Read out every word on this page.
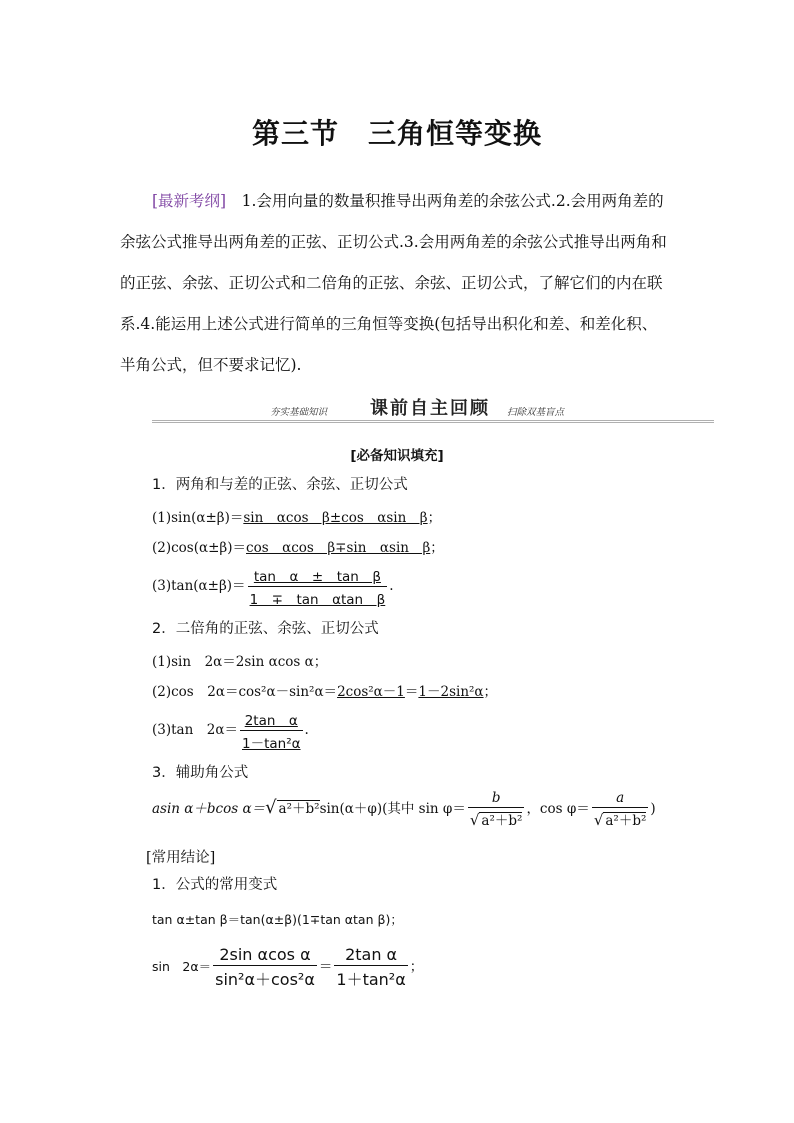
第三节　三角恒等变换
[最新考纲]　 1.会用向量的数量积推导出两角差的余弦公式.2.会用两角差的
余弦公式推导出两角差的正弦、正切公式.3.会用两角差的余弦公式推导出两角和
的正弦、余弦、正切公式和二倍角的正弦、余弦、正切公式，了解它们的内在联
系.4.能运用上述公式进行简单的三角恒等变换(包括导出积化和差、和差化积、
半角公式，但不要求记忆).
夯实基础知识 课前自主回顾 扫除双基盲点
[必备知识填充]
1．两角和与差的正弦、余弦、正切公式
(1)sin(α±β)＝sin　αcos　β±cos　αsin　β；
(2)cos(α±β)＝cos　αcos　β∓sin　αsin　β；
$(3)\tan(\alpha\pm\beta)= \frac{\text{tan　α　±　tan　β}}{\text{1　∓　tan　αtan　β}}$ .
2．二倍角的正弦、余弦、正切公式
(1)sin　2α＝2sin αcos α；
(2)cos　2α＝cos²α－sin²α＝2cos²α－1＝1－2sin²α；
(3)tan　$2\alpha= \frac{\text{2tan　α}}{\text{1－tan²α}}$ .
3．辅助角公式
asin α＋bcos α＝√ a²＋b²sin(α＋φ)(其中 $\sin \varphi= \frac{b}{\text{√ a²＋b²}}$ ，$\cos \varphi= \frac{a}{\text{√ a²＋b²}}$ )
[常用结论]
1．公式的常用变式
tan α±tan β＝tan(α±β)(1∓tan αtan β)；
sin　$2\alpha= \frac{\text{2sin αcos α}}{\text{sin²α＋cos²α}} = \frac{\text{2tan α}}{\text{1＋tan²α}}$ ；
